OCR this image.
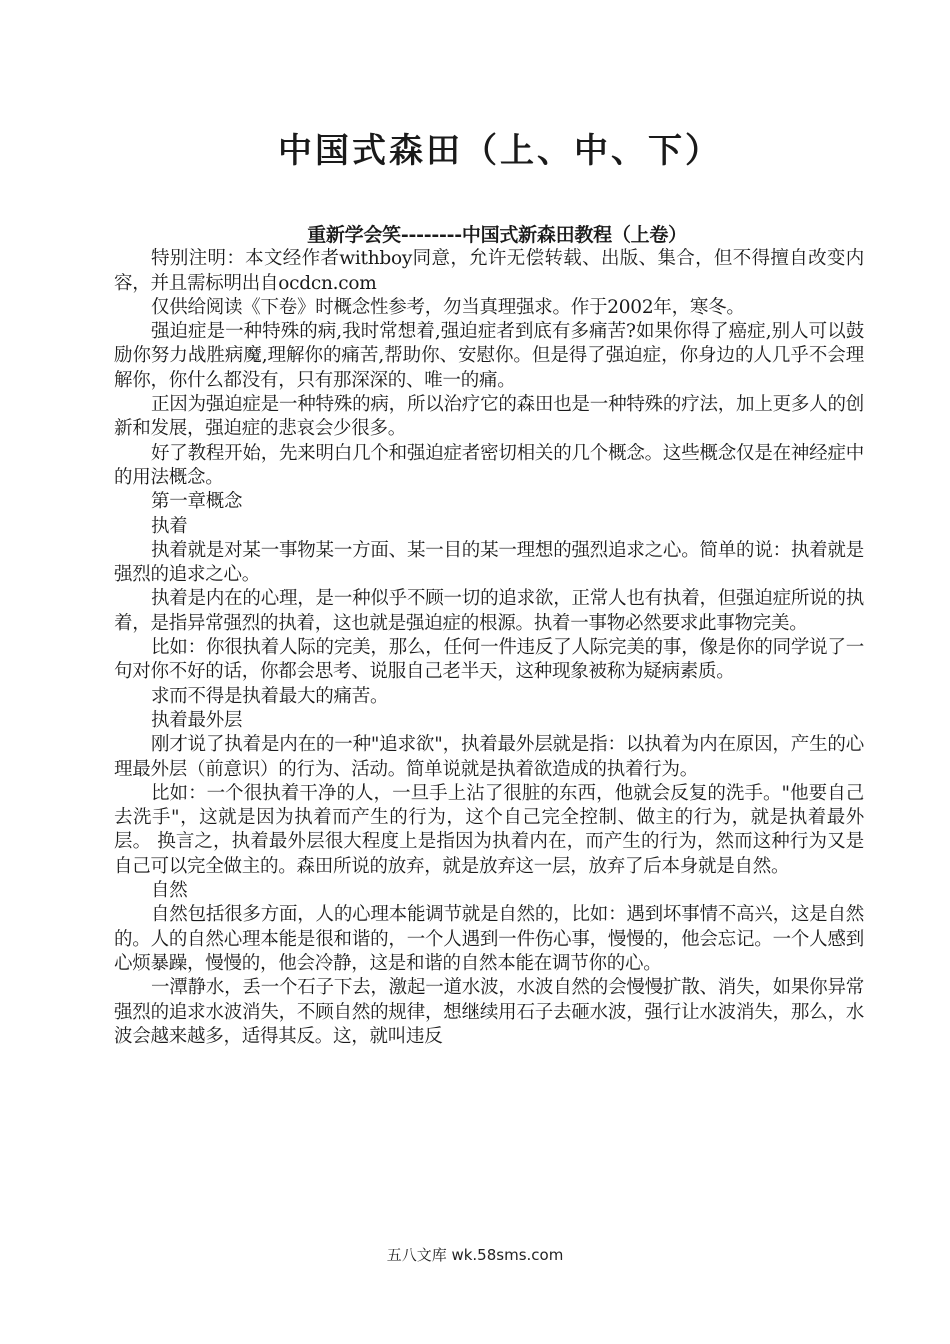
中国式森田（上、中、下）

重新学会笑--------中国式新森田教程（上卷）

特别注明：本文经作者withboy同意，允许无偿转载、出版、集合，但不得擅自改变内容，并且需标明出自ocdcn.com

仅供给阅读《下卷》时概念性参考，勿当真理强求。作于2002年，寒冬。

强迫症是一种特殊的病,我时常想着,强迫症者到底有多痛苦?如果你得了癌症,别人可以鼓励你努力战胜病魔,理解你的痛苦,帮助你、安慰你。但是得了强迫症，你身边的人几乎不会理解你，你什么都没有，只有那深深的、唯一的痛。

正因为强迫症是一种特殊的病，所以治疗它的森田也是一种特殊的疗法，加上更多人的创新和发展，强迫症的悲哀会少很多。

好了教程开始，先来明白几个和强迫症者密切相关的几个概念。这些概念仅是在神经症中的用法概念。

第一章概念

执着

执着就是对某一事物某一方面、某一目的某一理想的强烈追求之心。简单的说：执着就是强烈的追求之心。

执着是内在的心理，是一种似乎不顾一切的追求欲，正常人也有执着，但强迫症所说的执着，是指异常强烈的执着，这也就是强迫症的根源。执着一事物必然要求此事物完美。

比如：你很执着人际的完美，那么，任何一件违反了人际完美的事，像是你的同学说了一句对你不好的话，你都会思考、说服自己老半天，这种现象被称为疑病素质。

求而不得是执着最大的痛苦。

执着最外层

刚才说了执着是内在的一种"追求欲"，执着最外层就是指：以执着为内在原因，产生的心理最外层（前意识）的行为、活动。简单说就是执着欲造成的执着行为。

比如：一个很执着干净的人，一旦手上沾了很脏的东西，他就会反复的洗手。"他要自己去洗手"，这就是因为执着而产生的行为，这个自己完全控制、做主的行为，就是执着最外层。 换言之，执着最外层很大程度上是指因为执着内在，而产生的行为，然而这种行为又是自己可以完全做主的。森田所说的放弃，就是放弃这一层，放弃了后本身就是自然。

自然

自然包括很多方面，人的心理本能调节就是自然的，比如：遇到坏事情不高兴，这是自然的。人的自然心理本能是很和谐的，一个人遇到一件伤心事，慢慢的，他会忘记。一个人感到心烦暴躁，慢慢的，他会冷静，这是和谐的自然本能在调节你的心。

一潭静水，丢一个石子下去，激起一道水波，水波自然的会慢慢扩散、消失，如果你异常强烈的追求水波消失，不顾自然的规律，想继续用石子去砸水波，强行让水波消失，那么，水波会越来越多，适得其反。这，就叫违反

五八文库 wk.58sms.com
